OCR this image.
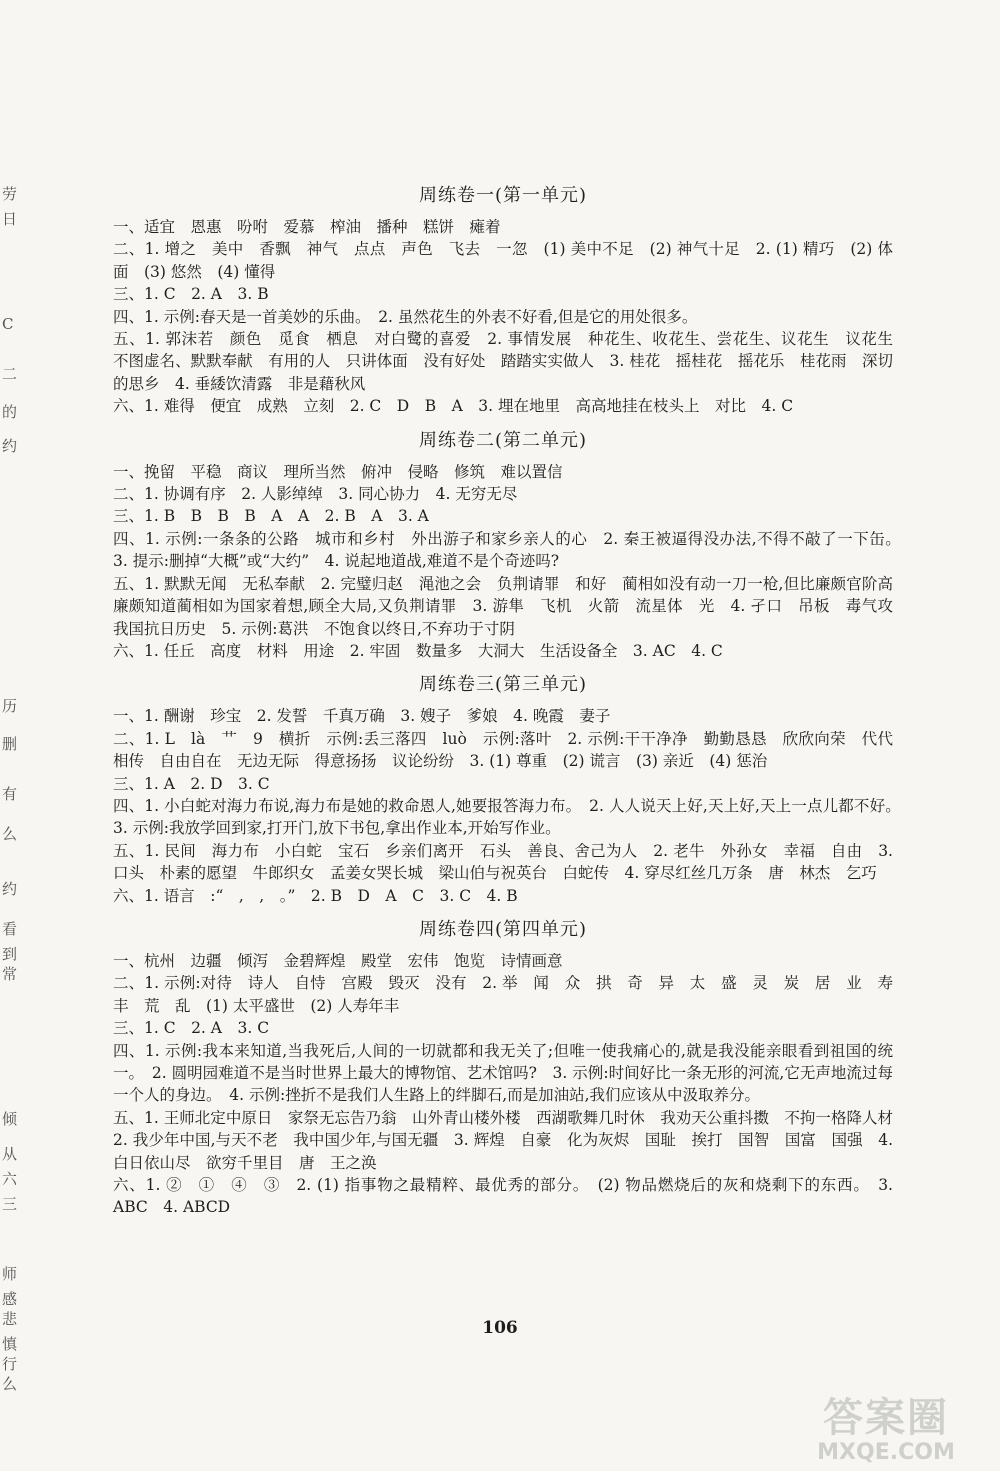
劳
日
C
二
的
约
历
删
有
么
约
看
到
常
倾
从
六
三
师
感
悲
慎
行
么
周练卷一(第一单元)

一、适宜　恩惠　吩咐　爱慕　榨油　播种　糕饼　瘫着

二、1. 增之　美中　香飘　神气　点点　声色　飞去　一忽　(1) 美中不足　(2) 神气十足　2. (1) 精巧　(2) 体面　(3) 悠然　(4) 懂得

三、1. C　2. A　3. B

四、1. 示例:春天是一首美妙的乐曲。　2. 虽然花生的外表不好看,但是它的用处很多。

五、1. 郭沫若　颜色　觅食　栖息　对白鹭的喜爱　2. 事情发展　种花生、收花生、尝花生、议花生　议花生　不图虚名、默默奉献　有用的人　只讲体面　没有好处　踏踏实实做人　3. 桂花　摇桂花　摇花乐　桂花雨　深切的思乡　4. 垂緌饮清露　非是藉秋风

六、1. 难得　便宜　成熟　立刻　2. C　D　B　A　3. 埋在地里　高高地挂在枝头上　对比　4. C

周练卷二(第二单元)

一、挽留　平稳　商议　理所当然　俯冲　侵略　修筑　难以置信

二、1. 协调有序　2. 人影绰绰　3. 同心协力　4. 无穷无尽

三、1. B　B　B　B　A　A　2. B　A　3. A

四、1. 示例:一条条的公路　城市和乡村　外出游子和家乡亲人的心　2. 秦王被逼得没办法,不得不敲了一下缶。　3. 提示:删掉“大概”或“大约”　4. 说起地道战,难道不是个奇迹吗?

五、1. 默默无闻　无私奉献　2. 完璧归赵　渑池之会　负荆请罪　和好　蔺相如没有动一刀一枪,但比廉颇官阶高　廉颇知道蔺相如为国家着想,顾全大局,又负荆请罪　3. 游隼　飞机　火箭　流星体　光　4. 孑口　吊板　毒气攻　我国抗日历史　5. 示例:葛洪　不饱食以终日,不弃功于寸阴

六、1. 任丘　高度　材料　用途　2. 牢固　数量多　大洞大　生活设备全　3. AC　4. C

周练卷三(第三单元)

一、1. 酬谢　珍宝　2. 发誓　千真万确　3. 嫂子　爹娘　4. 晚霞　妻子

二、1. L　là　艹　9　横折　示例:丢三落四　luò　示例:落叶　2. 示例:干干净净　勤勤恳恳　欣欣向荣　代代相传　自由自在　无边无际　得意扬扬　议论纷纷　3. (1) 尊重　(2) 谎言　(3) 亲近　(4) 惩治

三、1. A　2. D　3. C

四、1. 小白蛇对海力布说,海力布是她的救命恩人,她要报答海力布。　2. 人人说天上好,天上好,天上一点儿都不好。　3. 示例:我放学回到家,打开门,放下书包,拿出作业本,开始写作业。

五、1. 民间　海力布　小白蛇　宝石　乡亲们离开　石头　善良、舍己为人　2. 老牛　外孙女　幸福　自由　3. 口头　朴素的愿望　牛郎织女　孟姜女哭长城　梁山伯与祝英台　白蛇传　4. 穿尽红丝几万条　唐　林杰　乞巧

六、1. 语言　:“　,　,　。”　2. B　D　A　C　3. C　4. B

周练卷四(第四单元)

一、杭州　边疆　倾泻　金碧辉煌　殿堂　宏伟　饱览　诗情画意

二、1. 示例:对待　诗人　自恃　宫殿　毁灭　没有　2. 举　闻　众　拱　奇　异　太　盛　灵　炭　居　业　寿　丰　荒　乱　(1) 太平盛世　(2) 人寿年丰

三、1. C　2. A　3. C

四、1. 示例:我本来知道,当我死后,人间的一切就都和我无关了;但唯一使我痛心的,就是我没能亲眼看到祖国的统一。　2. 圆明园难道不是当时世界上最大的博物馆、艺术馆吗?　3. 示例:时间好比一条无形的河流,它无声地流过每一个人的身边。　4. 示例:挫折不是我们人生路上的绊脚石,而是加油站,我们应该从中汲取养分。

五、1. 王师北定中原日　家祭无忘告乃翁　山外青山楼外楼　西湖歌舞几时休　我劝天公重抖擞　不拘一格降人材　2. 我少年中国,与天不老　我中国少年,与国无疆　3. 辉煌　自豪　化为灰烬　国耻　挨打　国智　国富　国强　4. 白日依山尽　欲穷千里目　唐　王之涣

六、1. ②　①　④　③　2. (1) 指事物之最精粹、最优秀的部分。　(2) 物品燃烧后的灰和烧剩下的东西。　3. ABC　4. ABCD

106
答案圈
MXQE.COM
